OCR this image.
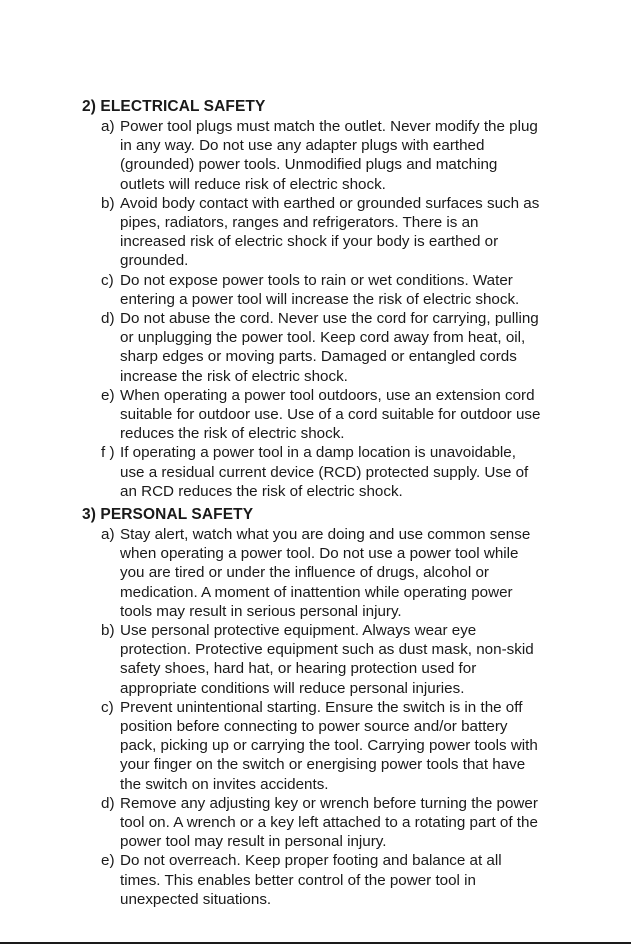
2) ELECTRICAL SAFETY
a) Power tool plugs must match the outlet. Never modify the plug
in any way. Do not use any adapter plugs with earthed
(grounded) power tools. Unmodified plugs and matching
outlets will reduce risk of electric shock.
b) Avoid body contact with earthed or grounded surfaces such as
pipes, radiators, ranges and refrigerators. There is an
increased risk of electric shock if your body is earthed or
grounded.
c) Do not expose power tools to rain or wet conditions. Water
entering a power tool will increase the risk of electric shock.
d) Do not abuse the cord. Never use the cord for carrying, pulling
or unplugging the power tool. Keep cord away from heat, oil,
sharp edges or moving parts. Damaged or entangled cords
increase the risk of electric shock.
e) When operating a power tool outdoors, use an extension cord
suitable for outdoor use. Use of a cord suitable for outdoor use
reduces the risk of electric shock.
f ) If operating a power tool in a damp location is unavoidable,
use a residual current device (RCD) protected supply. Use of
an RCD reduces the risk of electric shock.
3) PERSONAL SAFETY
a) Stay alert, watch what you are doing and use common sense
when operating a power tool. Do not use a power tool while
you are tired or under the influence of drugs, alcohol or
medication. A moment of inattention while operating power
tools may result in serious personal injury.
b) Use personal protective equipment. Always wear eye
protection. Protective equipment such as dust mask, non-skid
safety shoes, hard hat, or hearing protection used for
appropriate conditions will reduce personal injuries.
c) Prevent unintentional starting. Ensure the switch is in the off
position before connecting to power source and/or battery
pack, picking up or carrying the tool. Carrying power tools with
your finger on the switch or energising power tools that have
the switch on invites accidents.
d) Remove any adjusting key or wrench before turning the power
tool on. A wrench or a key left attached to a rotating part of the
power tool may result in personal injury.
e) Do not overreach. Keep proper footing and balance at all
times. This enables better control of the power tool in
unexpected situations.
